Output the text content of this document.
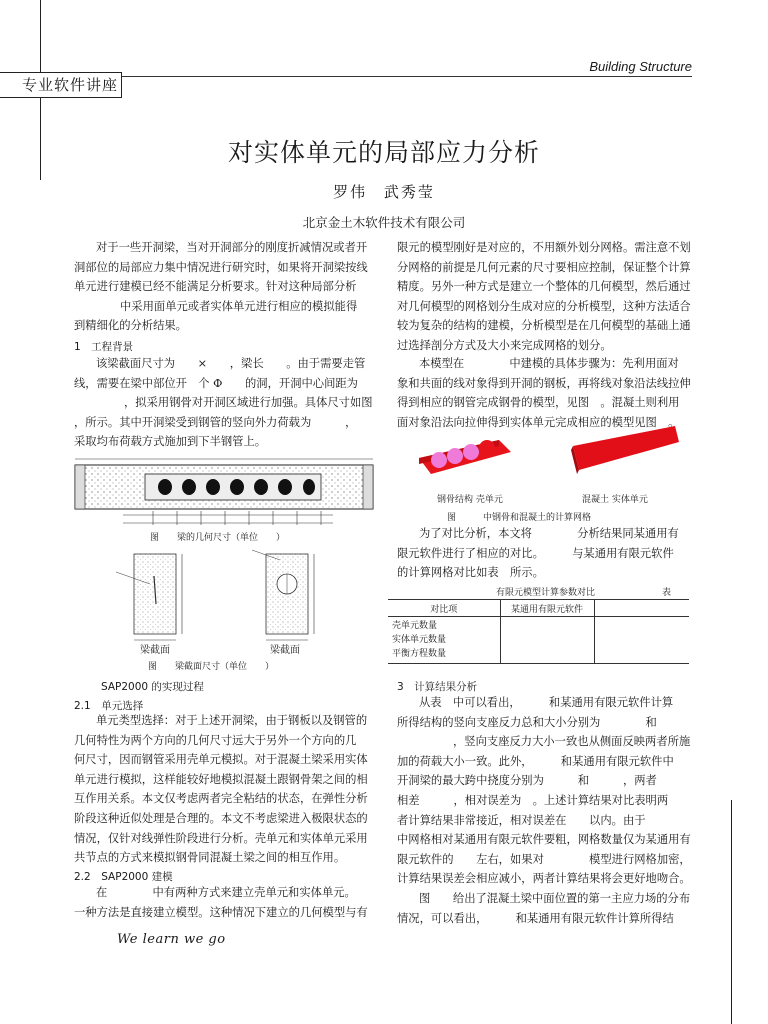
专业软件讲座
Building Structure
对实体单元的局部应力分析
罗伟 武秀莹
北京金土木软件技术有限公司
对于一些开洞梁，当对开洞部分的刚度折减情况或者开
洞部位的局部应力集中情况进行研究时，如果将开洞梁按线
单元进行建模已经不能满足分析要求。针对这种局部分析
中采用面单元或者实体单元进行相应的模拟能得
到精细化的分析结果。
1　工程背景
该梁截面尺寸为　　×　　，梁长　　。由于需要走管
线，需要在梁中部位开　个 Φ　　的洞，开洞中心间距为
，拟采用钢骨对开洞区域进行加强。具体尺寸如图
，所示。其中开洞梁受到钢管的竖向外力荷载为　　　，
采取均布荷载方式施加到下半钢管上。
图　　梁的几何尺寸（单位　　）
梁截面	梁截面
图　　梁截面尺寸（单位　　）
SAP2000 的实现过程
2.1　单元选择
单元类型选择：对于上述开洞梁，由于钢板以及钢管的
几何特性为两个方向的几何尺寸远大于另外一个方向的几
何尺寸，因而钢管采用壳单元模拟。对于混凝土梁采用实体
单元进行模拟，这样能较好地模拟混凝土跟钢骨架之间的相
互作用关系。本文仅考虑两者完全粘结的状态，在弹性分析
阶段这种近似处理是合理的。本文不考虑梁进入极限状态的
情况，仅针对线弹性阶段进行分析。壳单元和实体单元采用
共节点的方式来模拟钢骨同混凝土梁之间的相互作用。
2.2　SAP2000 建模
在　　　　中有两种方式来建立壳单元和实体单元。
一种方法是直接建立模型。这种情况下建立的几何模型与有
限元的模型刚好是对应的，不用额外划分网格。需注意不划
分网格的前提是几何元素的尺寸要相应控制，保证整个计算
精度。另外一种方式是建立一个整体的几何模型，然后通过
对几何模型的网格划分生成对应的分析模型，这种方法适合
较为复杂的结构的建模，分析模型是在几何模型的基础上通
过选择剖分方式及大小来完成网格的划分。
本模型在　　　　中建模的具体步骤为：先利用面对
象和共面的线对象得到开洞的钢板，再将线对象沿法线拉伸
得到相应的钢管完成钢骨的模型，见图　。混凝土则利用
面对象沿法向拉伸得到实体单元完成相应的模型见图　。
钢骨结构 壳单元	混凝土 实体单元
图　　　中钢骨和混凝土的计算网格
为了对比分析，本文将　　　　分析结果同某通用有
限元软件进行了相应的对比。　　　与某通用有限元软件
的计算网格对比如表　所示。
有限元模型计算参数对比	表
对比项	某通用有限元软件	

壳单元数量
实体单元数量
平衡方程数量		

3　计算结果分析
从表　中可以看出，　　　和某通用有限元软件计算
所得结构的竖向支座反力总和大小分别为　　　　和
，竖向支座反力大小一致也从侧面反映两者所施
加的荷载大小一致。此外，　　　和某通用有限元软件中
开洞梁的最大跨中挠度分别为　　　和　　　，两者
相差　　　，相对误差为　。上述计算结果对比表明两
者计算结果非常接近，相对误差在　　以内。由于
中网格相对某通用有限元软件要粗，网格数量仅为某通用有
限元软件的　　左右，如果对　　　　模型进行网格加密，
计算结果误差会相应减小，两者计算结果将会更好地吻合。
图　　给出了混凝土梁中面位置的第一主应力场的分布
情况，可以看出，　　　和某通用有限元软件计算所得结
We learn we go
